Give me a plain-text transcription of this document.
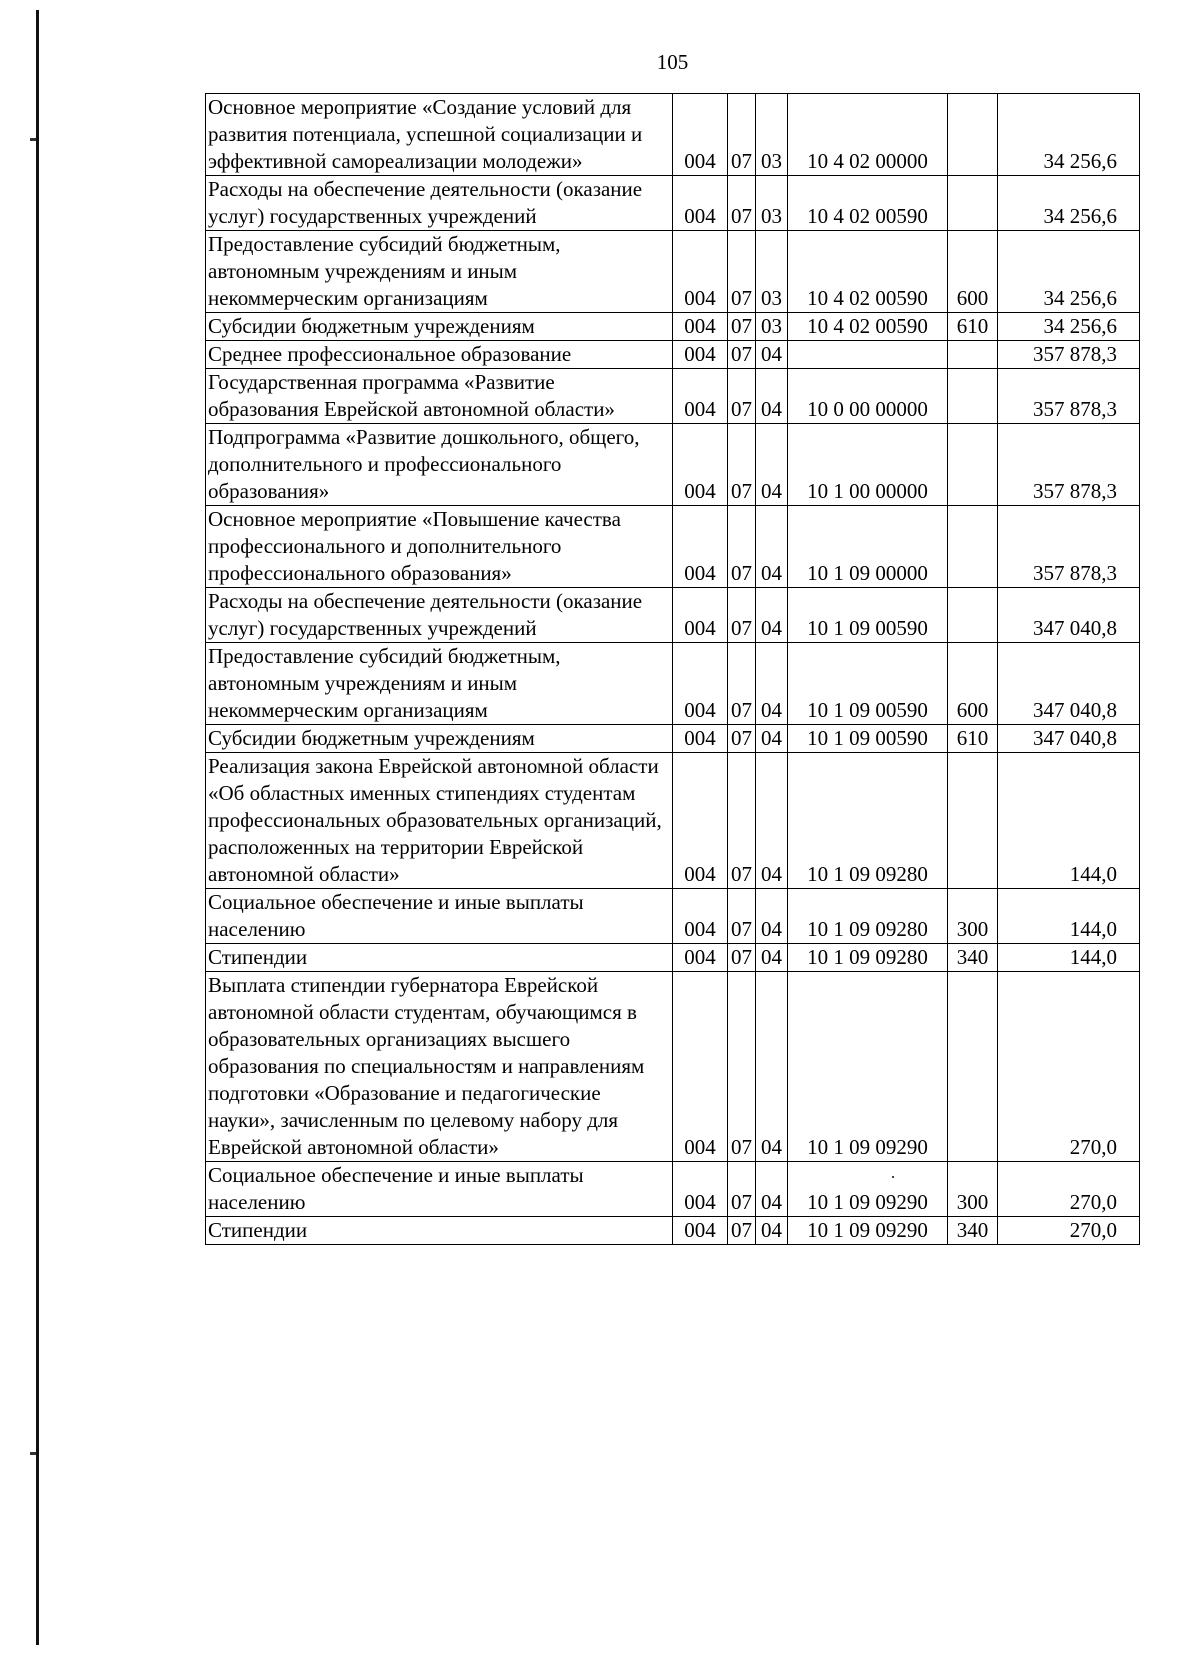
105
Основное мероприятие «Создание условий для развития потенциала, успешной социализации и эффективной самореализации молодежи»	004	07	03	10 4 02 00000		34 256,6
Расходы на обеспечение деятельности (оказание услуг) государственных учреждений	004	07	03	10 4 02 00590		34 256,6
Предоставление субсидий бюджетным, автономным учреждениям и иным некоммерческим организациям	004	07	03	10 4 02 00590	600	34 256,6
Субсидии бюджетным учреждениям	004	07	03	10 4 02 00590	610	34 256,6
Среднее профессиональное образование	004	07	04			357 878,3
Государственная программа «Развитие образования Еврейской автономной области»	004	07	04	10 0 00 00000		357 878,3
Подпрограмма «Развитие дошкольного, общего, дополнительного и профессионального образования»	004	07	04	10 1 00 00000		357 878,3
Основное мероприятие «Повышение качества профессионального и дополнительного профессионального образования»	004	07	04	10 1 09 00000		357 878,3
Расходы на обеспечение деятельности (оказание услуг) государственных учреждений	004	07	04	10 1 09 00590		347 040,8
Предоставление субсидий бюджетным, автономным учреждениям и иным некоммерческим организациям	004	07	04	10 1 09 00590	600	347 040,8
Субсидии бюджетным учреждениям	004	07	04	10 1 09 00590	610	347 040,8
Реализация закона Еврейской автономной области «Об областных именных стипендиях студентам профессиональных образовательных организаций, расположенных на территории Еврейской автономной области»	004	07	04	10 1 09 09280		144,0
Социальное обеспечение и иные выплаты населению	004	07	04	10 1 09 09280	300	144,0
Стипендии	004	07	04	10 1 09 09280	340	144,0
Выплата стипендии губернатора Еврейской автономной области студентам, обучающимся в образовательных организациях высшего образования по специальностям и направлениям подготовки «Образование и педагогические науки», зачисленным по целевому набору для Еврейской автономной области»	004	07	04	10 1 09 09290		270,0
Социальное обеспечение и иные выплаты населению	004	07	04	10 1 09 09290	300	270,0
Стипендии	004	07	04	10 1 09 09290	340	270,0
